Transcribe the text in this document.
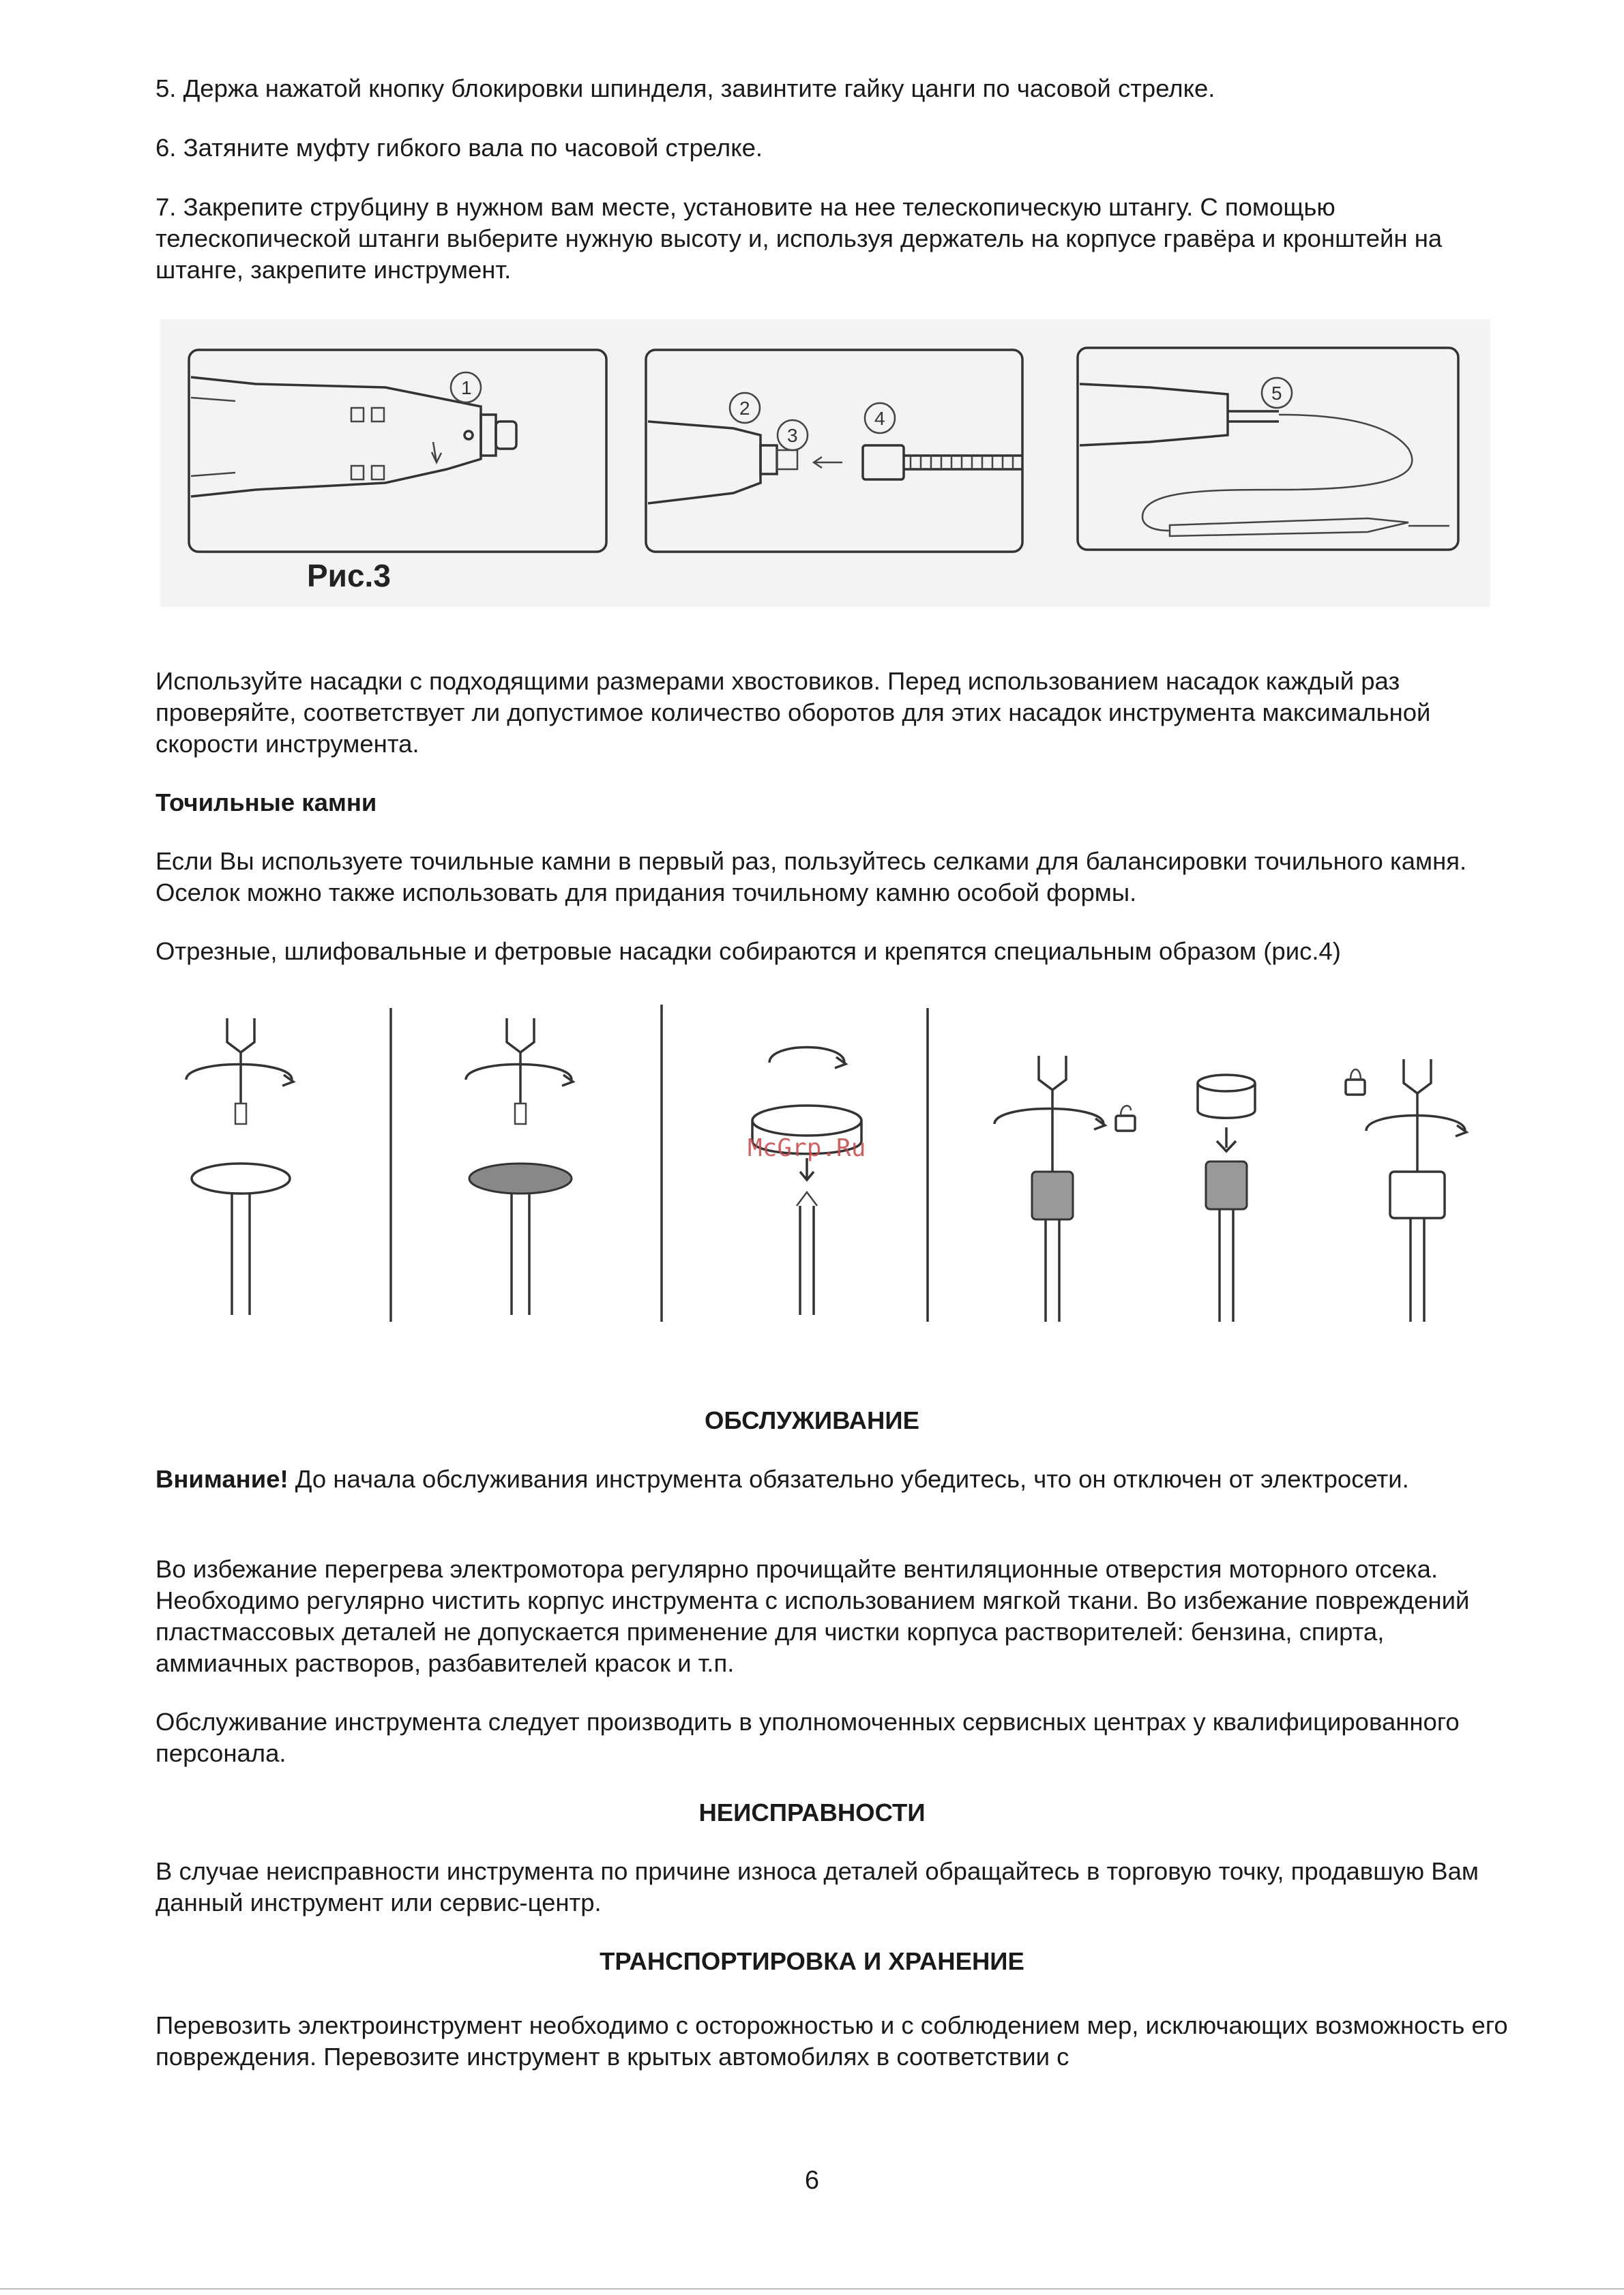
5. Держа нажатой кнопку блокировки шпинделя, завинтите гайку цанги по часовой стрелке.

6. Затяните муфту гибкого вала по часовой стрелке.

7. Закрепите струбцину в нужном вам месте, установите на нее телескопическую штангу. С помощью телескопической штанги выберите нужную высоту и, используя держатель на корпусе гравёра и кронштейн на штанге, закрепите инструмент.

1
Рис.3
2
3
4
5

Используйте насадки с подходящими размерами хвостовиков. Перед использованием насадок каждый раз проверяйте, соответствует ли допустимое количество оборотов для этих насадок инструмента максимальной скорости инструмента.

Точильные камни

Если Вы используете точильные камни в первый раз, пользуйтесь селками для балансировки точильного камня. Оселок можно также использовать для придания точильному камню особой формы.

Отрезные, шлифовальные и фетровые насадки собираются и крепятся специальным образом (рис.4)

McGrp.Ru

ОБСЛУЖИВАНИЕ

Внимание! До начала обслуживания инструмента обязательно убедитесь, что он отключен от электросети.

Во избежание перегрева электромотора регулярно прочищайте вентиляционные отверстия моторного отсека. Необходимо регулярно чистить корпус инструмента с использованием мягкой ткани. Во избежание повреждений пластмассовых деталей не допускается применение для чистки корпуса растворителей: бензина, спирта, аммиачных растворов, разбавителей красок и т.п.

Обслуживание инструмента следует производить в уполномоченных сервисных центрах у квалифицированного персонала.

НЕИСПРАВНОСТИ

В случае неисправности инструмента по причине износа деталей обращайтесь в торговую точку, продавшую Вам данный инструмент или сервис-центр.

ТРАНСПОРТИРОВКА И ХРАНЕНИЕ

Перевозить электроинструмент необходимо с осторожностью и с соблюдением мер, исключающих возможность его повреждения. Перевозите инструмент в крытых автомобилях в соответствии с

6
